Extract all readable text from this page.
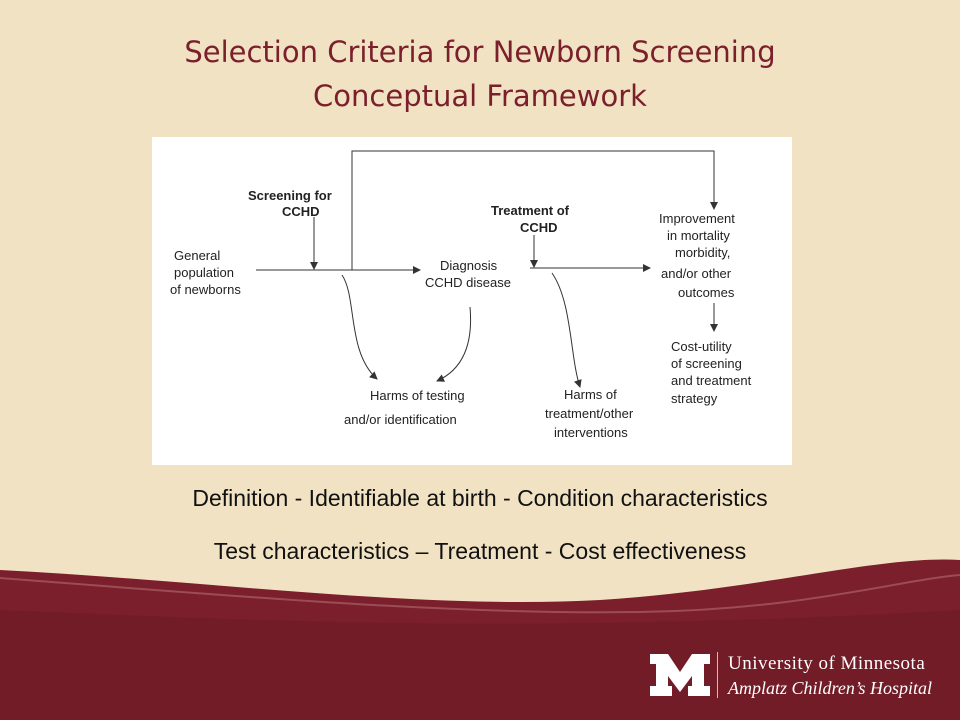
Selection Criteria for Newborn Screening
Conceptual Framework
General population of newborns
Screening for CCHD
Diagnosis CCHD disease
Treatment of CCHD
Improvement in mortality morbidity, and/or other outcomes
Cost-utility of screening and treatment strategy
Harms of testing and/or identification
Harms of treatment/other interventions
Definition - Identifiable at birth - Condition characteristics
Test characteristics – Treatment - Cost effectiveness
University of Minnesota
Amplatz Children’s Hospital
